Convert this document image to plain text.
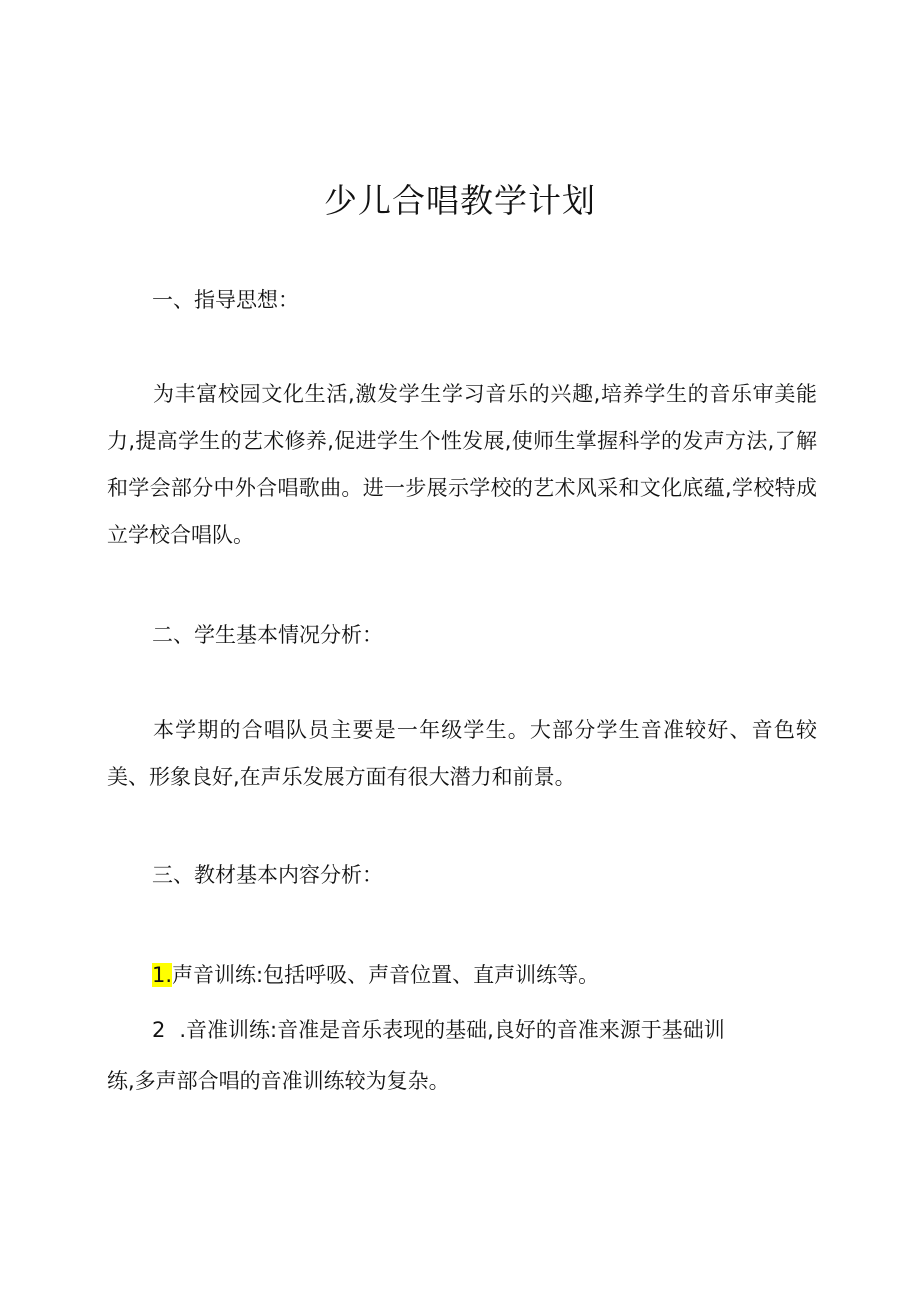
少儿合唱教学计划
一、指导思想：
为丰富校园文化生活,激发学生学习音乐的兴趣,培养学生的音乐审美能力,提高学生的艺术修养,促进学生个性发展,使师生掌握科学的发声方法,了解和学会部分中外合唱歌曲。进一步展示学校的艺术风采和文化底蕴,学校特成立学校合唱队。
二、学生基本情况分析：
本学期的合唱队员主要是一年级学生。大部分学生音准较好、音色较美、形象良好,在声乐发展方面有很大潜力和前景。
三、教材基本内容分析：
1.声音训练:包括呼吸、声音位置、直声训练等。
2 .音准训练:音准是音乐表现的基础,良好的音准来源于基础训
练,多声部合唱的音准训练较为复杂。
